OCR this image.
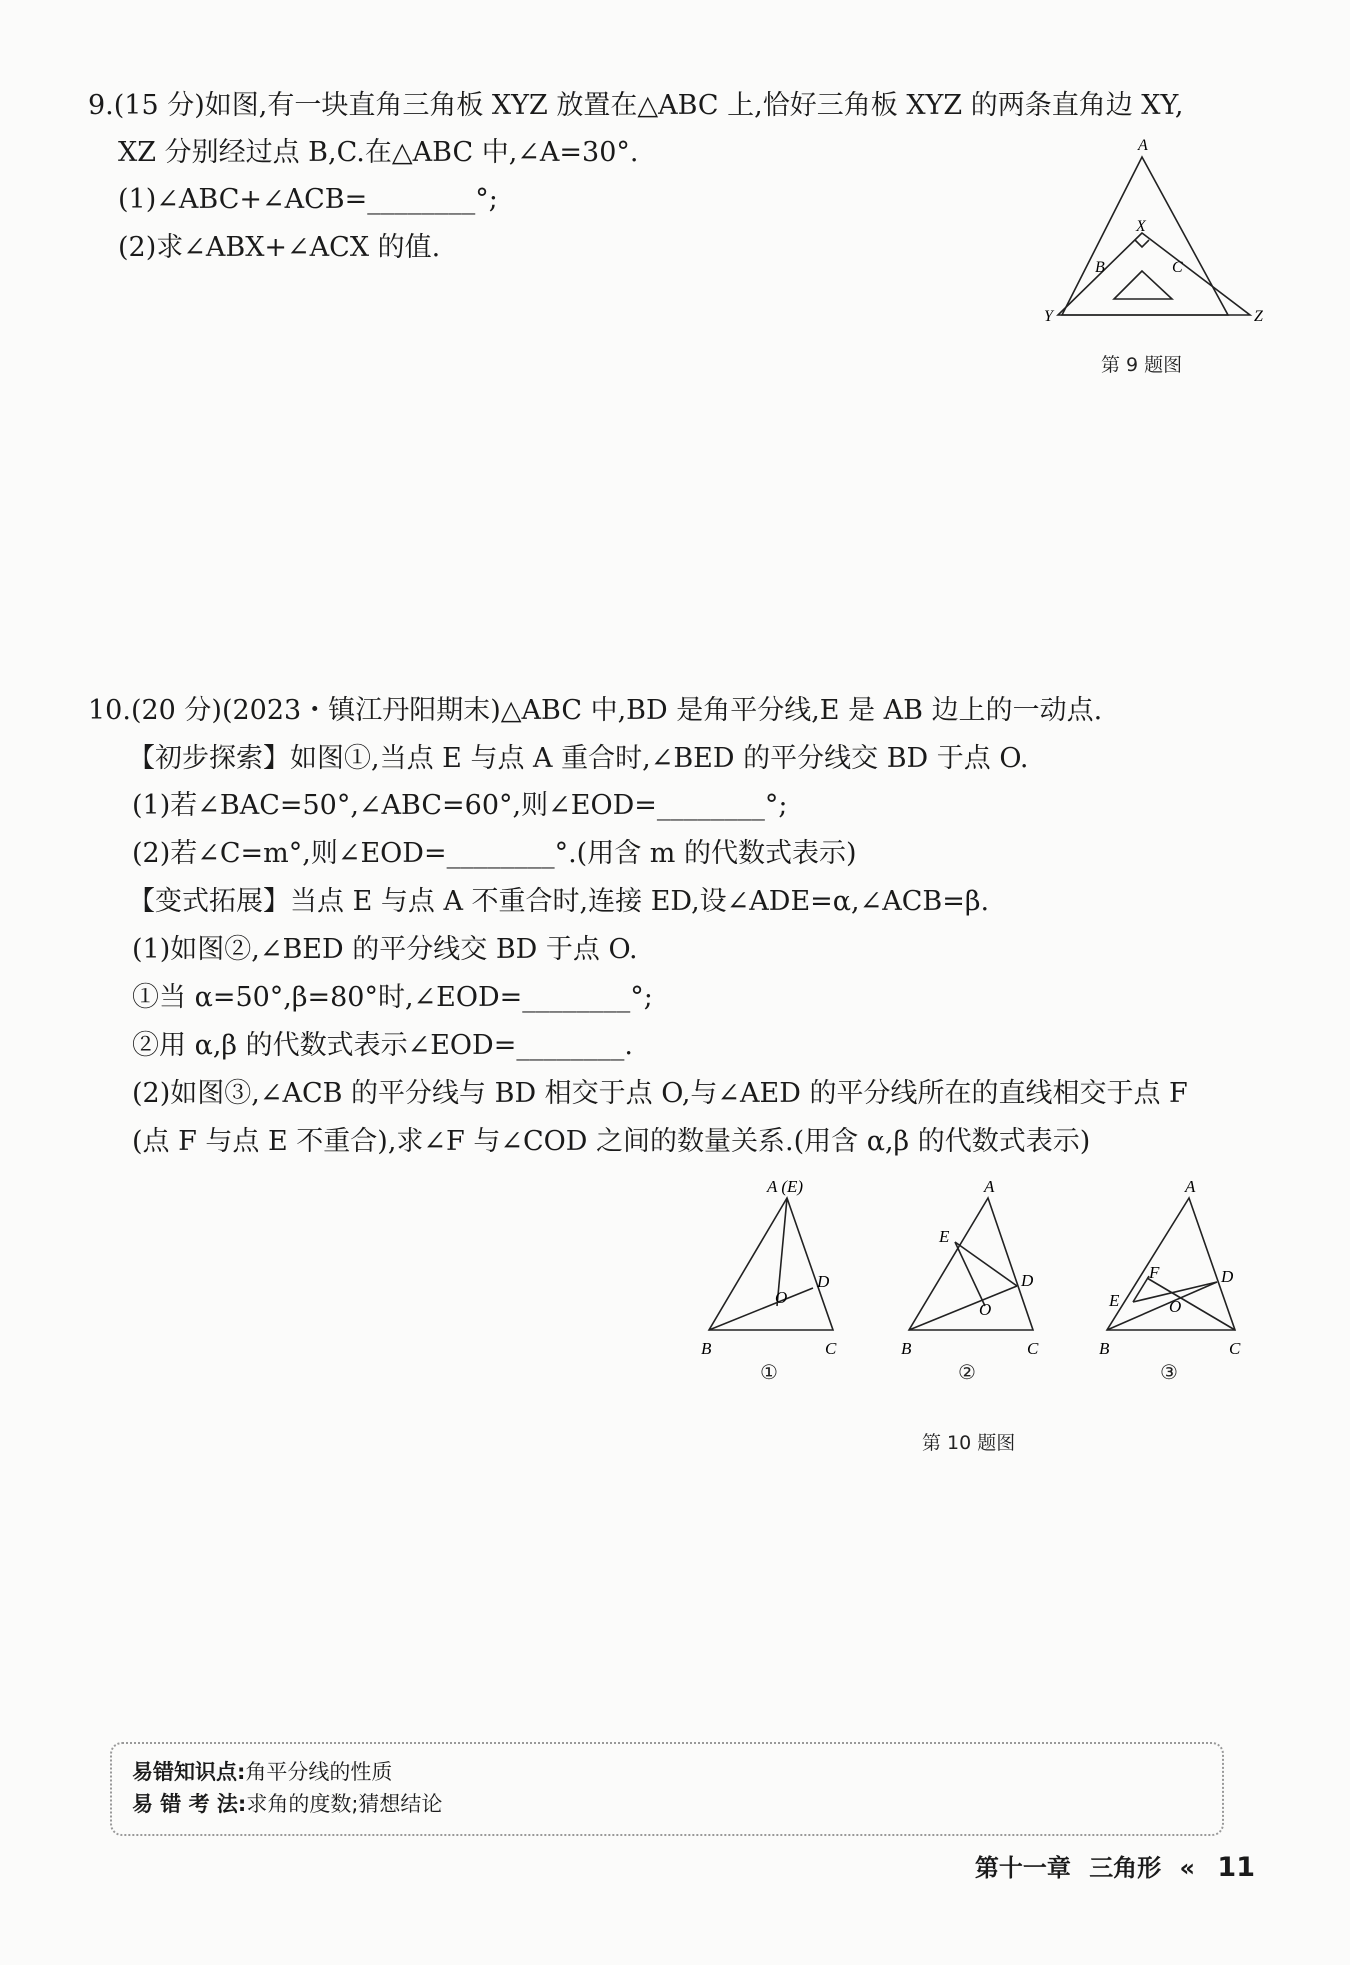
9.(15 分)如图,有一块直角三角板 XYZ 放置在△ABC 上,恰好三角板 XYZ 的两条直角边 XY,
XZ 分别经过点 B,C.在△ABC 中,∠A=30°.
(1)∠ABC+∠ACB=________°;
(2)求∠ABX+∠ACX 的值.
A
X
B	C
Y	Z
第 9 题图
10.(20 分)(2023・镇江丹阳期末)△ABC 中,BD 是角平分线,E 是 AB 边上的一动点.
【初步探索】如图①,当点 E 与点 A 重合时,∠BED 的平分线交 BD 于点 O.
(1)若∠BAC=50°,∠ABC=60°,则∠EOD=________°;
(2)若∠C=m°,则∠EOD=________°.(用含 m 的代数式表示)
【变式拓展】当点 E 与点 A 不重合时,连接 ED,设∠ADE=α,∠ACB=β.
(1)如图②,∠BED 的平分线交 BD 于点 O.
①当 α=50°,β=80°时,∠EOD=________°;
②用 α,β 的代数式表示∠EOD=________.
(2)如图③,∠ACB 的平分线与 BD 相交于点 O,与∠AED 的平分线所在的直线相交于点 F
(点 F 与点 E 不重合),求∠F 与∠COD 之间的数量关系.(用含 α,β 的代数式表示)
A (E)
D
O
B	C
①
A
E
D
O
B	C
②
A
F
E
D
O
B	C
③
第 10 题图
易错知识点:角平分线的性质
易 错 考 法:求角的度数;猜想结论
第十一章 三角形 « 11
